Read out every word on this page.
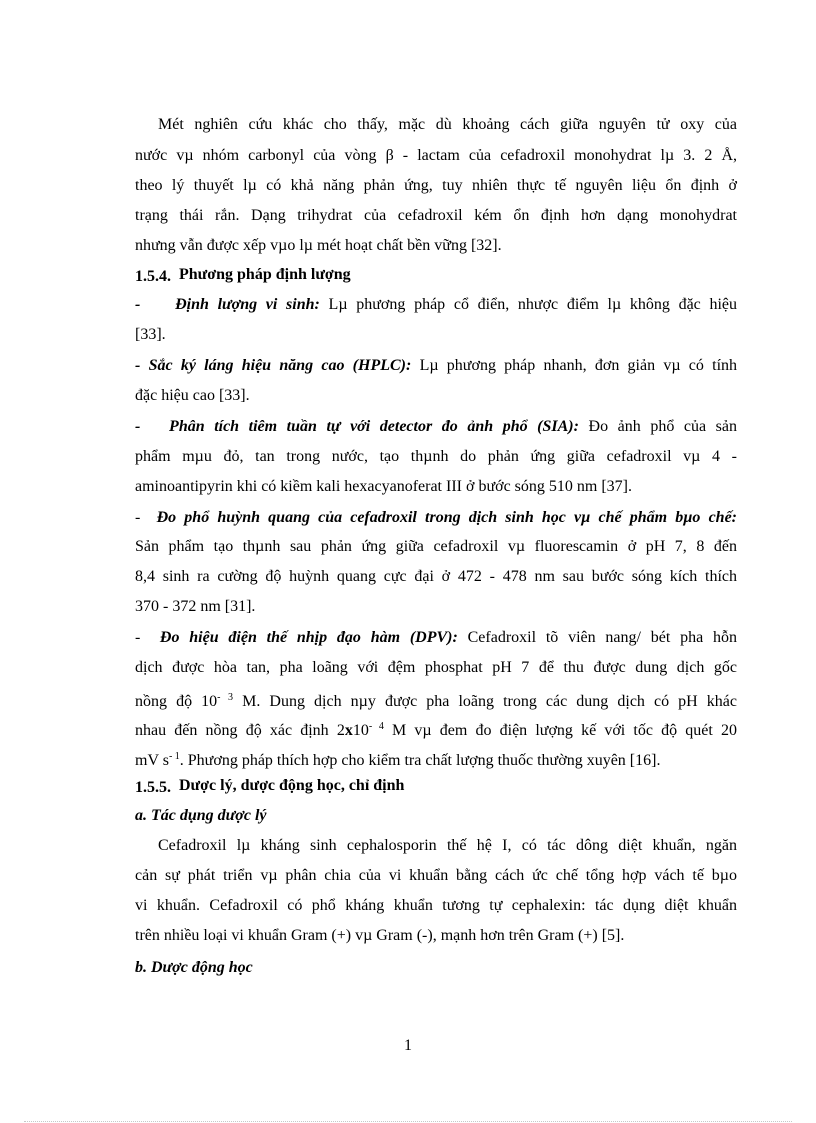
Mét nghiên cứu khác cho thấy, mặc dù khoảng cách giữa nguyên tử oxy của
nước vµ nhóm carbonyl của vòng β - lactam của cefadroxil monohydrat lµ 3. 2 Å,
theo lý thuyết lµ có khả năng phản ứng, tuy nhiên thực tế nguyên liệu ổn định ở
trạng thái rắn. Dạng trihydrat của cefadroxil kém ổn định hơn dạng monohydrat
nhưng vẫn được xếp vµo lµ mét hoạt chất bền vững [32].
1.5.4. Phương pháp định lượng
- Định lượng vi sinh: Lµ phương pháp cổ điển, nhược điểm lµ không đặc hiệu
[33].
- Sắc ký láng hiệu năng cao (HPLC): Lµ phương pháp nhanh, đơn giản vµ có tính
đặc hiệu cao [33].
- Phân tích tiêm tuần tự với detector đo ảnh phổ (SIA): Đo ảnh phổ của sản
phẩm mµu đỏ, tan trong nước, tạo thµnh do phản ứng giữa cefadroxil vµ 4 -
aminoantipyrin khi có kiềm kali hexacyanoferat III ở bước sóng 510 nm [37].
- Đo phổ huỳnh quang của cefadroxil trong dịch sinh học vµ chế phẩm bµo chế:
Sản phẩm tạo thµnh sau phản ứng giữa cefadroxil vµ fluorescamin ở pH 7, 8 đến
8,4 sinh ra cường độ huỳnh quang cực đại ở 472 - 478 nm sau bước sóng kích thích
370 - 372 nm [31].
- Đo hiệu điện thế nhịp đạo hàm (DPV): Cefadroxil tõ viên nang/ bét pha hỗn
dịch được hòa tan, pha loãng với đệm phosphat pH 7 để thu được dung dịch gốc
nồng độ $10^{- 3}$ M. Dung dịch nµy được pha loãng trong các dung dịch có pH khác
nhau đến nồng độ xác định $2x10^{- 4}$ M vµ đem đo điện lượng kế với tốc độ quét 20
mV $s^{- 1}$. Phương pháp thích hợp cho kiểm tra chất lượng thuốc thường xuyên [16].
1.5.5. Dược lý, dược động học, chỉ định
a. Tác dụng dược lý
Cefadroxil lµ kháng sinh cephalosporin thế hệ I, có tác dông diệt khuẩn, ngăn
cản sự phát triển vµ phân chia của vi khuẩn bằng cách ức chế tổng hợp vách tế bµo
vi khuẩn. Cefadroxil có phổ kháng khuẩn tương tự cephalexin: tác dụng diệt khuẩn
trên nhiều loại vi khuẩn Gram (+) vµ Gram (-), mạnh hơn trên Gram (+) [5].
b. Dược động học
1
